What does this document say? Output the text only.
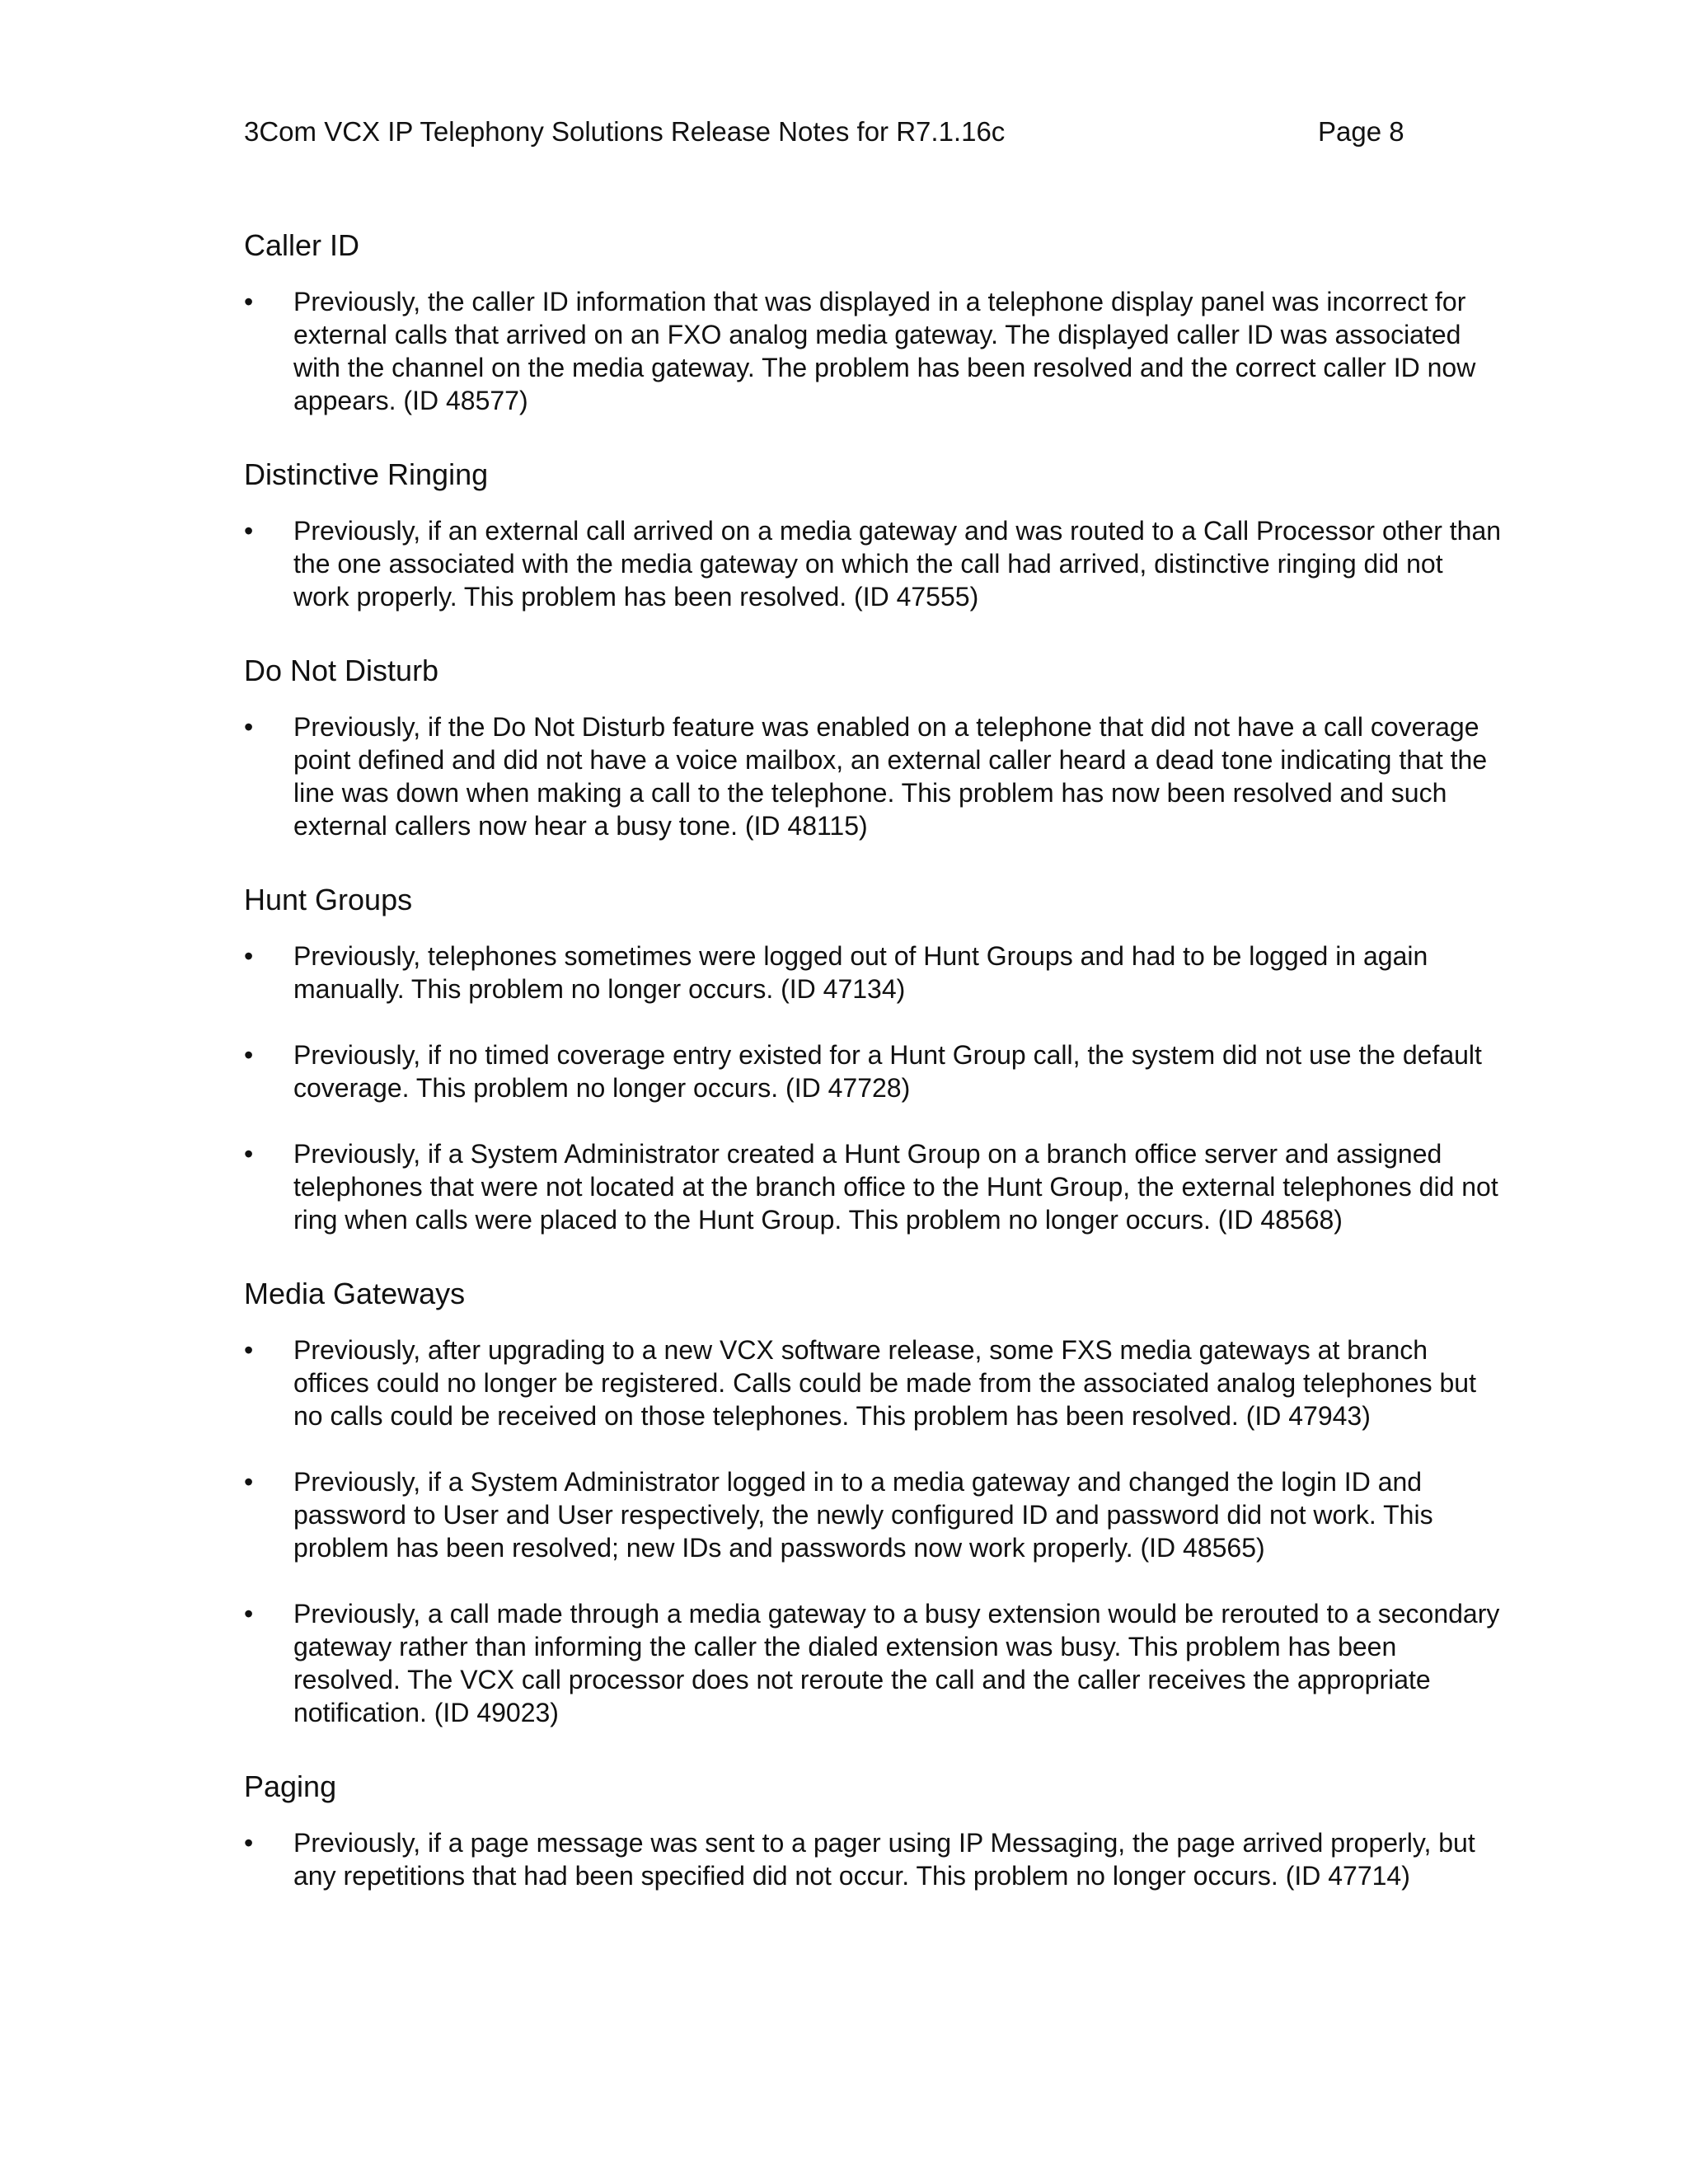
3Com VCX IP Telephony Solutions Release Notes for R7.1.16c	Page 8
Caller ID
• Previously, the caller ID information that was displayed in a telephone display panel was incorrect for external calls that arrived on an FXO analog media gateway. The displayed caller ID was associated with the channel on the media gateway. The problem has been resolved and the correct caller ID now appears. (ID 48577)
Distinctive Ringing
• Previously, if an external call arrived on a media gateway and was routed to a Call Processor other than the one associated with the media gateway on which the call had arrived, distinctive ringing did not work properly. This problem has been resolved. (ID 47555)
Do Not Disturb
• Previously, if the Do Not Disturb feature was enabled on a telephone that did not have a call coverage point defined and did not have a voice mailbox, an external caller heard a dead tone indicating that the line was down when making a call to the telephone. This problem has now been resolved and such external callers now hear a busy tone. (ID 48115)
Hunt Groups
• Previously, telephones sometimes were logged out of Hunt Groups and had to be logged in again manually. This problem no longer occurs. (ID 47134)
• Previously, if no timed coverage entry existed for a Hunt Group call, the system did not use the default coverage. This problem no longer occurs. (ID 47728)
• Previously, if a System Administrator created a Hunt Group on a branch office server and assigned telephones that were not located at the branch office to the Hunt Group, the external telephones did not ring when calls were placed to the Hunt Group. This problem no longer occurs. (ID 48568)
Media Gateways
• Previously, after upgrading to a new VCX software release, some FXS media gateways at branch offices could no longer be registered. Calls could be made from the associated analog telephones but no calls could be received on those telephones. This problem has been resolved. (ID 47943)
• Previously, if a System Administrator logged in to a media gateway and changed the login ID and password to User and User respectively, the newly configured ID and password did not work. This problem has been resolved; new IDs and passwords now work properly. (ID 48565)
• Previously, a call made through a media gateway to a busy extension would be rerouted to a secondary gateway rather than informing the caller the dialed extension was busy. This problem has been resolved. The VCX call processor does not reroute the call and the caller receives the appropriate notification. (ID 49023)
Paging
• Previously, if a page message was sent to a pager using IP Messaging, the page arrived properly, but any repetitions that had been specified did not occur. This problem no longer occurs. (ID 47714)
